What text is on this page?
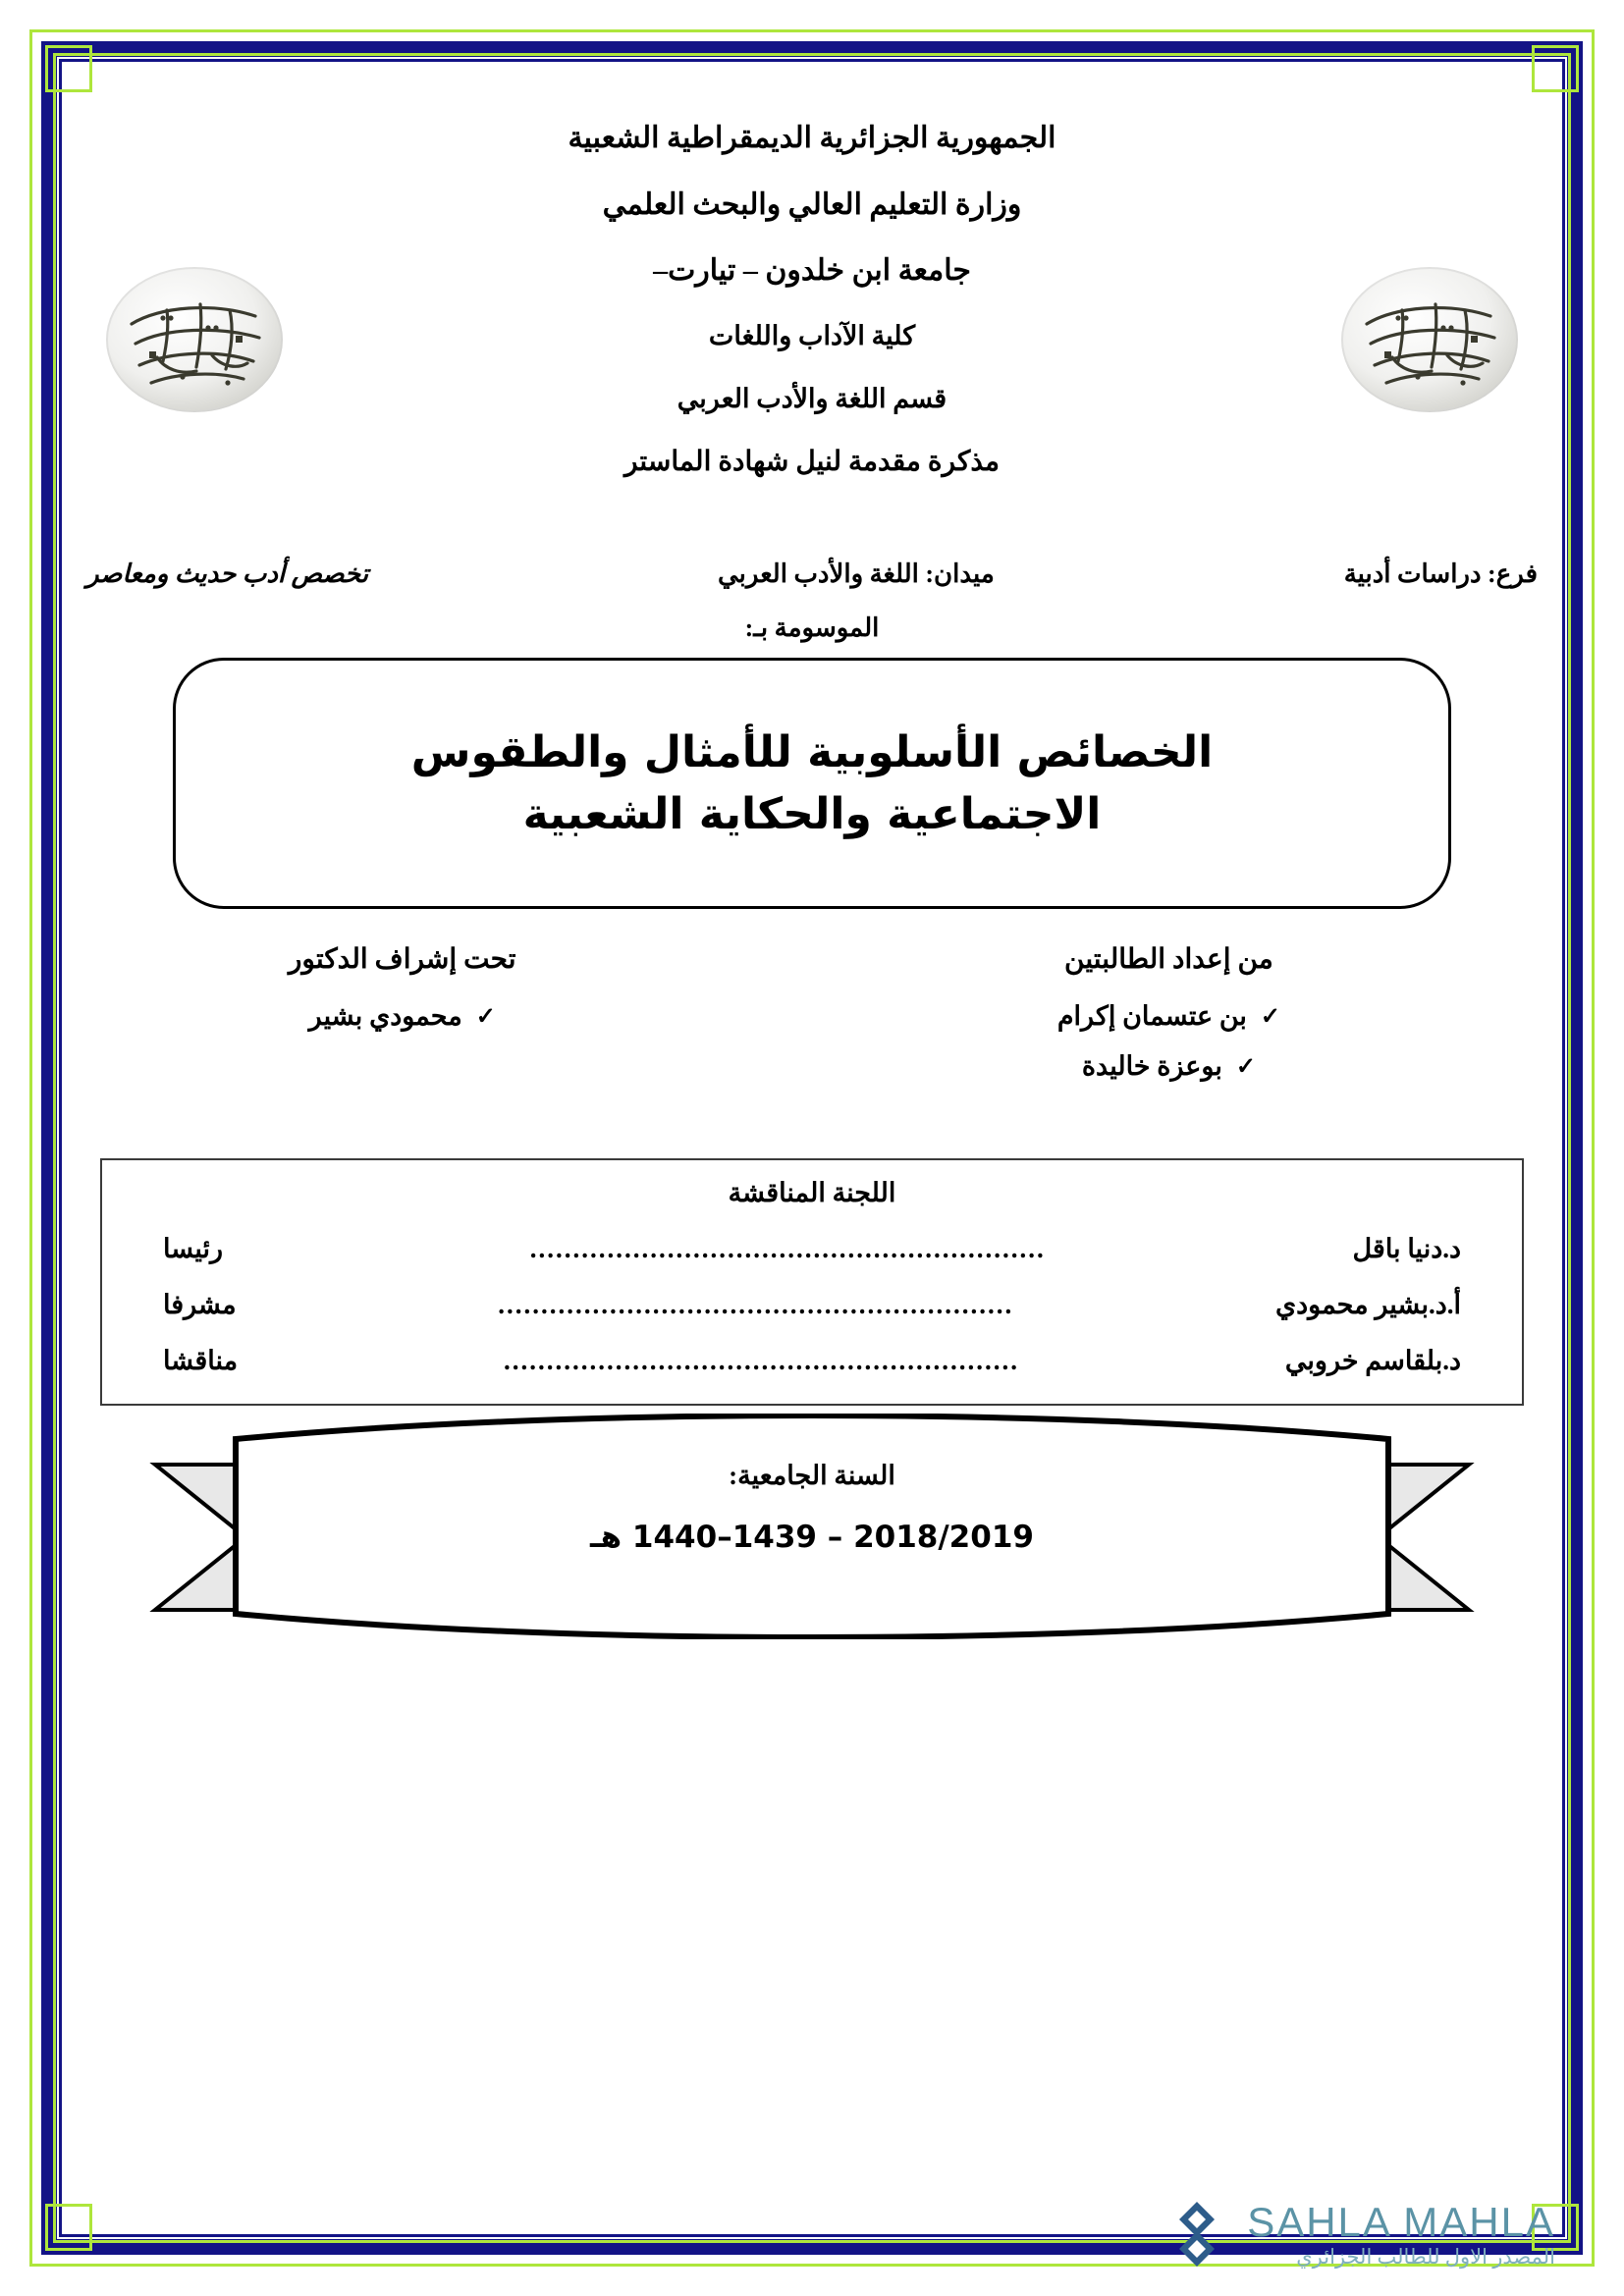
الجمهورية الجزائرية الديمقراطية الشعبية
وزارة التعليم العالي والبحث العلمي
جامعة ابن خلدون – تيارت–
كلية الآداب واللغات
قسم اللغة والأدب العربي
مذكرة مقدمة لنيل شهادة الماستر
فرع: دراسات أدبية
ميدان: اللغة والأدب العربي
تخصص أدب حديث ومعاصر
الموسومة بـ:
الخصائص الأسلوبية للأمثال والطقوس
الاجتماعية والحكاية الشعبية
من إعداد الطالبتين
✓
بن عتسمان إكرام
✓
بوعزة خاليدة
تحت إشراف الدكتور
✓
محمودي بشير
اللجنة المناقشة
د.دنيا باقل
............................................................
رئيسا
أ.د.بشير محمودي
............................................................
مشرفا
د.بلقاسم خروبي
............................................................
مناقشا
السنة الجامعية:
2018/2019 – 1439–1440 هـ
SAHLA MAHLA
المصدر الاول للطالب الجزائري
